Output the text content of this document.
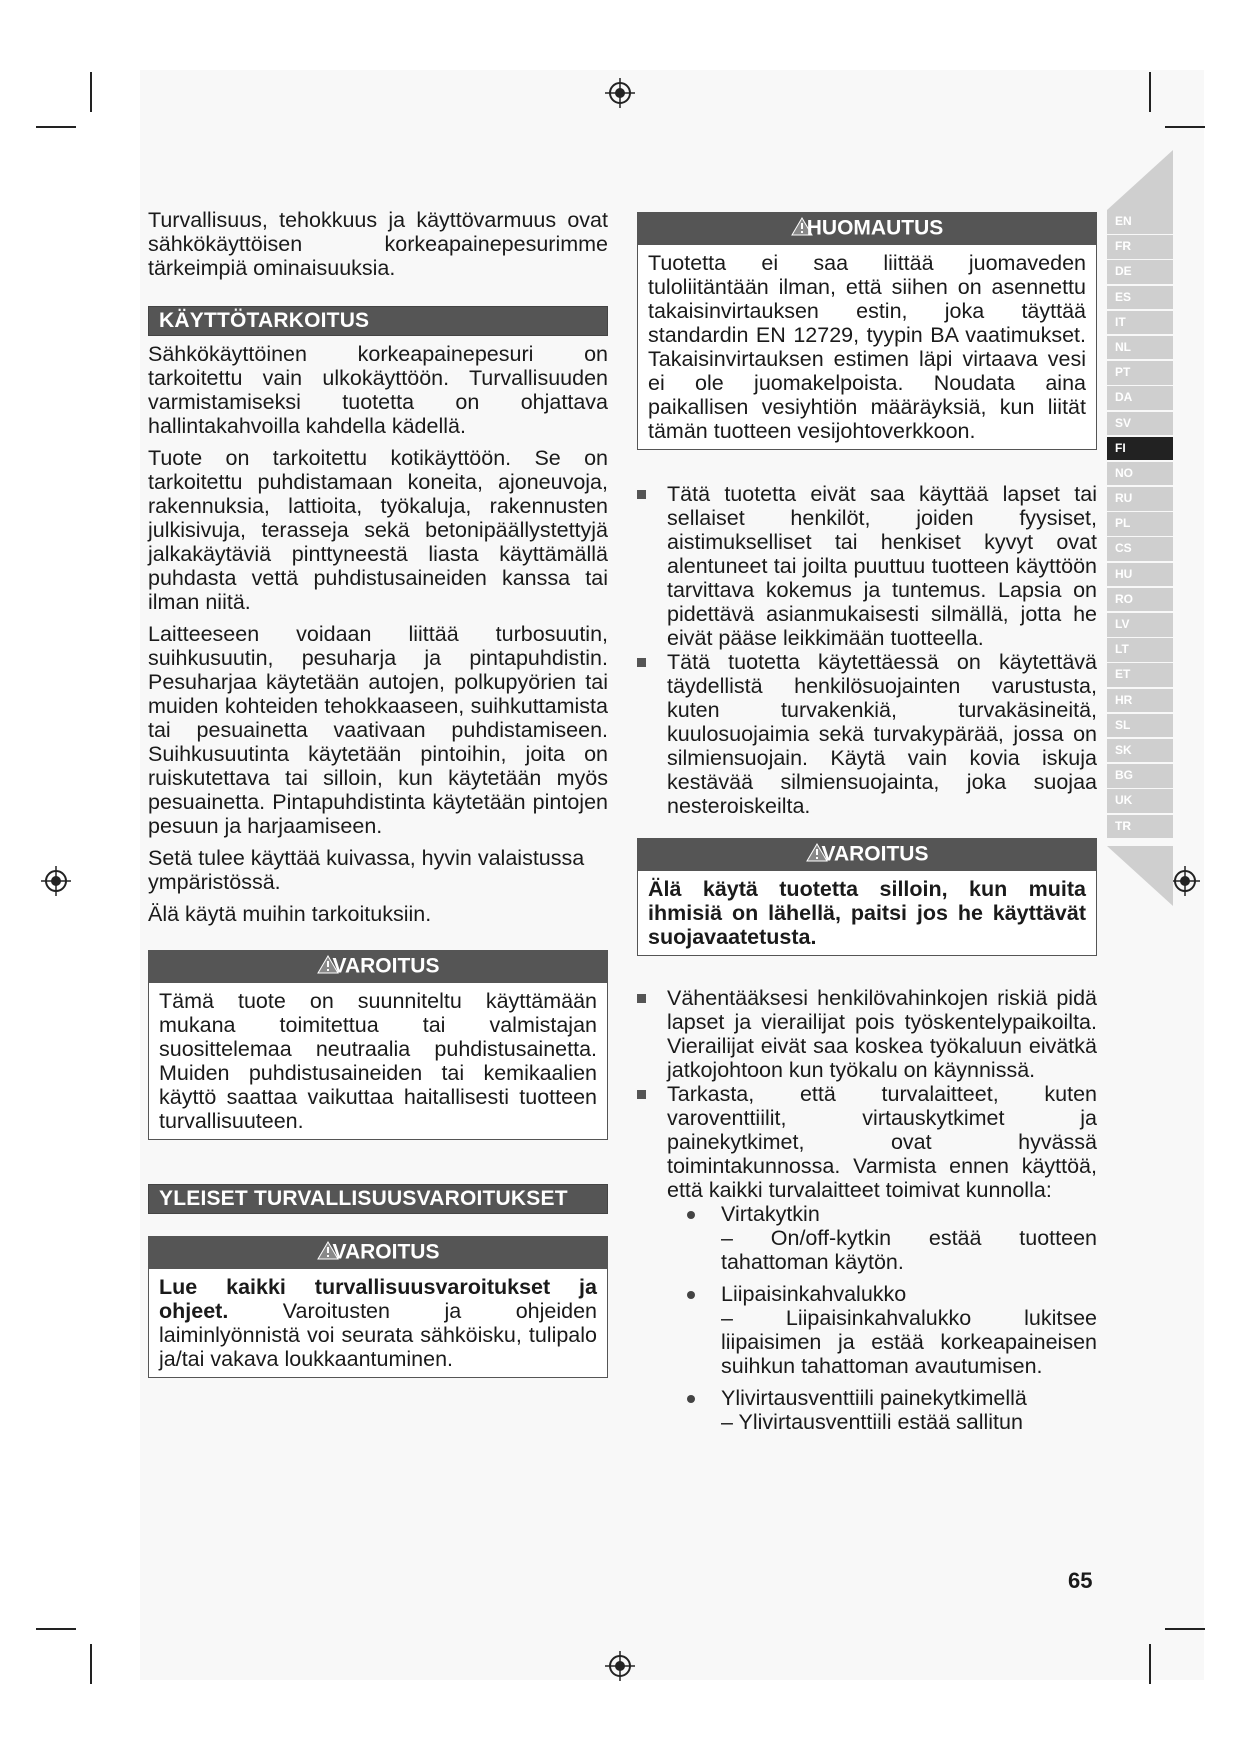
EN
FR
DE
ES
IT
NL
PT
DA
SV
FI
NO
RU
PL
CS
HU
RO
LV
LT
ET
HR
SL
SK
BG
UK
TR

Turvallisuus, tehokkuus ja käyttövarmuus ovat sähkökäyttöisen korkeapainepesurimme tärkeimpiä ominaisuuksia.

KÄYTTÖTARKOITUS

Sähkökäyttöinen korkeapainepesuri on tarkoitettu vain ulkokäyttöön. Turvallisuuden varmistamiseksi tuotetta on ohjattava hallintakahvoilla kahdella kädellä.

Tuote on tarkoitettu kotikäyttöön. Se on tarkoitettu puhdistamaan koneita, ajoneuvoja, rakennuksia, lattioita, työkaluja, rakennusten julkisivuja, terasseja sekä betonipäällystettyjä jalkakäytäviä pinttyneestä liasta käyttämällä puhdasta vettä puhdistusaineiden kanssa tai ilman niitä.

Laitteeseen voidaan liittää turbosuutin, suihkusuutin, pesuharja ja pintapuhdistin. Pesuharjaa käytetään autojen, polkupyörien tai muiden kohteiden tehokkaaseen, suihkuttamista tai pesuainetta vaativaan puhdistamiseen. Suihkusuutinta käytetään pintoihin, joita on ruiskutettava tai silloin, kun käytetään myös pesuainetta. Pintapuhdistinta käytetään pintojen pesuun ja harjaamiseen.

Setä tulee käyttää kuivassa, hyvin valaistussa ympäristössä.

Älä käytä muihin tarkoituksiin.

VAROITUS

Tämä tuote on suunniteltu käyttämään mukana toimitettua tai valmistajan suosittelemaa neutraalia puhdistusainetta. Muiden puhdistusaineiden tai kemikaalien käyttö saattaa vaikuttaa haitallisesti tuotteen turvallisuuteen.

YLEISET TURVALLISUUSVAROITUKSET
VAROITUS

Lue kaikki turvallisuusvaroitukset ja ohjeet. Varoitusten ja ohjeiden laiminlyönnistä voi seurata sähköisku, tulipalo ja/tai vakava loukkaantuminen.

HUOMAUTUS

Tuotetta ei saa liittää juomaveden tuloliitäntään ilman, että siihen on asennettu takaisinvirtauksen estin, joka täyttää standardin EN 12729, tyypin BA vaatimukset. Takaisinvirtauksen estimen läpi virtaava vesi ei ole juomakelpoista. Noudata aina paikallisen vesiyhtiön määräyksiä, kun liität tämän tuotteen vesijohtoverkkoon.

Tätä tuotetta eivät saa käyttää lapset tai sellaiset henkilöt, joiden fyysiset, aistimukselliset tai henkiset kyvyt ovat alentuneet tai joilta puuttuu tuotteen käyttöön tarvittava kokemus ja tuntemus. Lapsia on pidettävä asianmukaisesti silmällä, jotta he eivät pääse leikkimään tuotteella.

Tätä tuotetta käytettäessä on käytettävä täydellistä henkilösuojainten varustusta, kuten turvakenkiä, turvakäsineitä, kuulosuojaimia sekä turvakypärää, jossa on silmiensuojain. Käytä vain kovia iskuja kestävää silmiensuojainta, joka suojaa nesteroiskeilta.

VAROITUS

Älä käytä tuotetta silloin, kun muita ihmisiä on lähellä, paitsi jos he käyttävät suojavaatetusta.

Vähentääksesi henkilövahinkojen riskiä pidä lapset ja vierailijat pois työskentelypaikoilta. Vierailijat eivät saa koskea työkaluun eivätkä jatkojohtoon kun työkalu on käynnissä.

Tarkasta, että turvalaitteet, kuten varoventtiilit, virtauskytkimet ja painekytkimet, ovat hyvässä toimintakunnossa. Varmista ennen käyttöä, että kaikki turvalaitteet toimivat kunnolla:

Virtakytkin

– On/off-kytkin estää tuotteen tahattoman käytön.

Liipaisinkahvalukko

– Liipaisinkahvalukko lukitsee liipaisimen ja estää korkeapaineisen suihkun tahattoman avautumisen.

Ylivirtausventtiili painekytkimellä

– Ylivirtausventtiili estää sallitun

65
